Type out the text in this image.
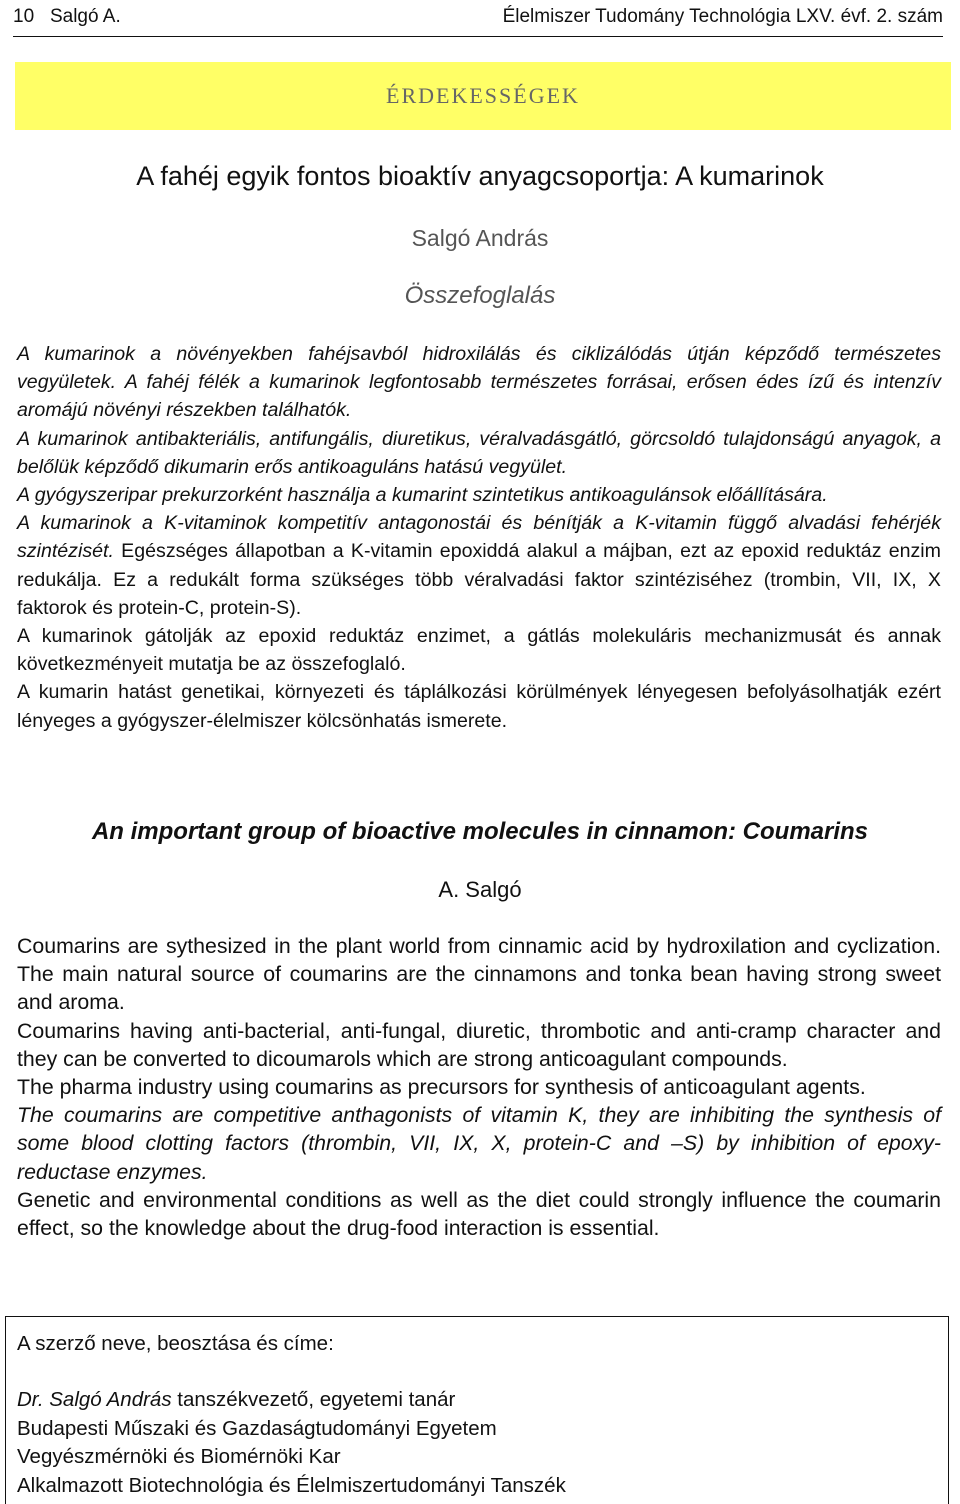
10   Salgó A.	Élelmiszer Tudomány Technológia LXV. évf. 2. szám
ÉRDEKESSÉGEK
A fahéj egyik fontos bioaktív anyagcsoportja: A kumarinok
Salgó András
Összefoglalás

A kumarinok a növényekben fahéjsavból hidroxilálás és ciklizálódás útján képződő természetes vegyületek. A fahéj félék a kumarinok legfontosabb természetes forrásai, erősen édes ízű és intenzív aromájú növényi részekben találhatók.

A kumarinok antibakteriális, antifungális, diuretikus, véralvadásgátló, görcsoldó tulajdonságú anyagok, a belőlük képződő dikumarin erős antikoaguláns hatású vegyület.

A gyógyszeripar prekurzorként használja a kumarint szintetikus antikoagulánsok előállítására.

A kumarinok a K-vitaminok kompetitív antagonostái és bénítják a K-vitamin függő alvadási fehérjék szintézisét. Egészséges állapotban a K-vitamin epoxiddá alakul a májban, ezt az epoxid reduktáz enzim redukálja. Ez a redukált forma szükséges több véralvadási faktor szintéziséhez (trombin, VII, IX, X faktorok és protein-C, protein-S).

A kumarinok gátolják az epoxid reduktáz enzimet, a gátlás molekuláris mechanizmusát és annak következményeit mutatja be az összefoglaló.

A kumarin hatást genetikai, környezeti és táplálkozási körülmények lényegesen befolyásolhatják ezért lényeges a gyógyszer-élelmiszer kölcsönhatás ismerete.

An important group of bioactive molecules in cinnamon: Coumarins
A. Salgó

Coumarins are sythesized in the plant world from cinnamic acid by hydroxilation and cyclization. The main natural source of coumarins are the cinnamons and tonka bean having strong sweet and aroma.

Coumarins having anti-bacterial, anti-fungal, diuretic, thrombotic and anti-cramp character and they can be converted to dicoumarols which are strong anticoagulant compounds.

The pharma industry using coumarins as precursors for synthesis of anticoagulant agents.

The coumarins are competitive anthagonists of vitamin K, they are inhibiting the synthesis of some blood clotting factors (thrombin, VII, IX, X, protein-C and –S) by inhibition of epoxy-reductase enzymes.

Genetic and environmental conditions as well as the diet could strongly influence the coumarin effect, so the knowledge about the drug-food interaction is essential.

A szerző neve, beosztása és címe:
Dr. Salgó András tanszékvezető, egyetemi tanár
Budapesti Műszaki és Gazdaságtudományi Egyetem
Vegyészmérnöki és Biomérnöki Kar
Alkalmazott Biotechnológia és Élelmiszertudományi Tanszék
